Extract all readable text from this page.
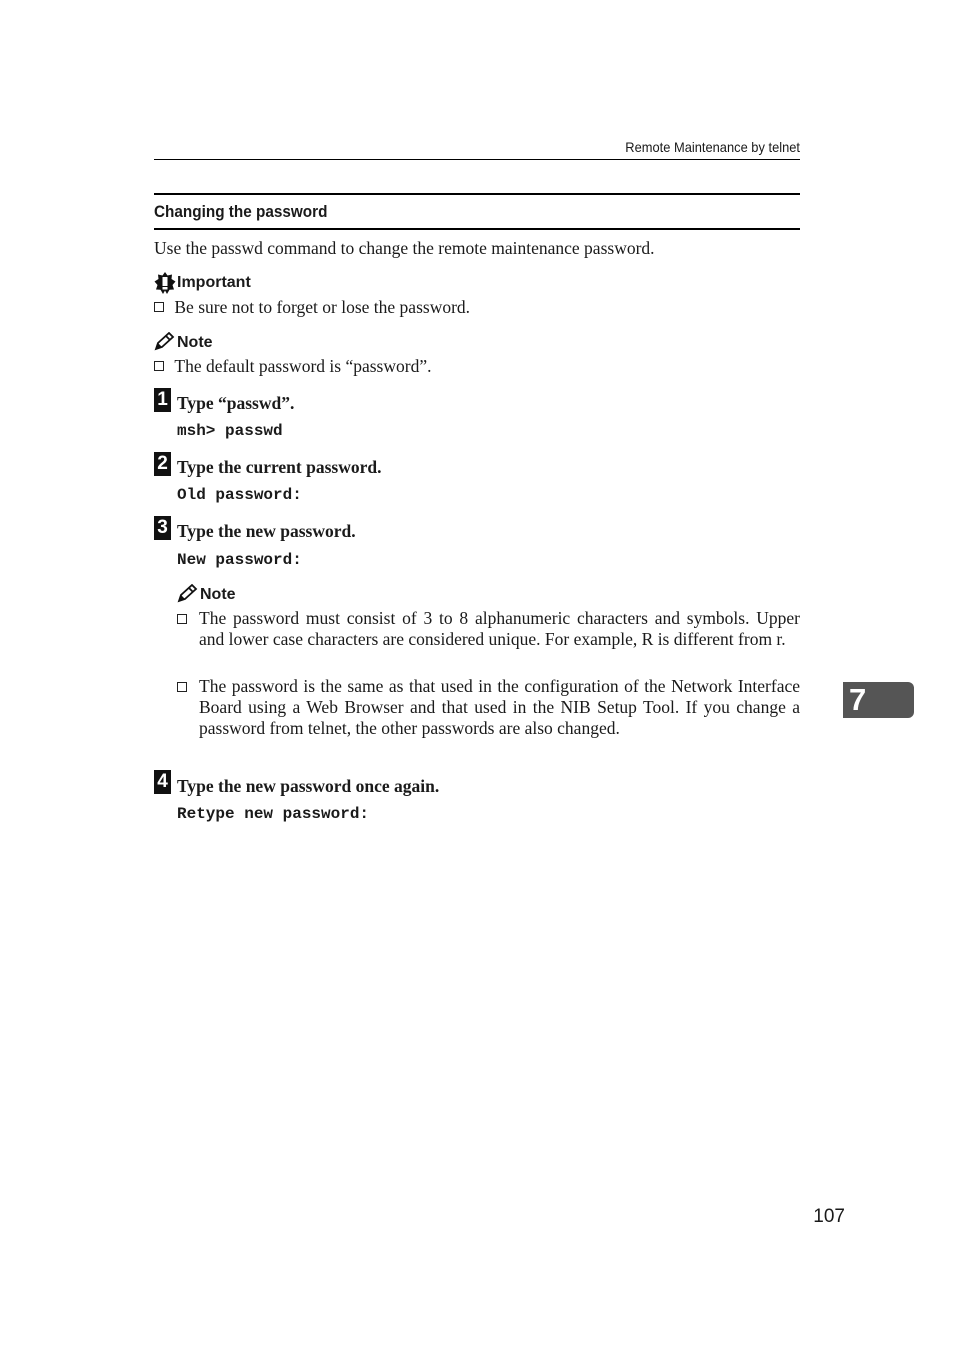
Remote Maintenance by telnet
Changing the password
Use the passwd command to change the remote maintenance password.
Important
Be sure not to forget or lose the password.
Note
The default password is “password”.
1 Type “passwd”.
msh> passwd
2 Type the current password.
Old password:
3 Type the new password.
New password:
Note
The password must consist of 3 to 8 alphanumeric characters and symbols. Upper and lower case characters are considered unique. For example, R is different from r.
The password is the same as that used in the configuration of the Network Interface Board using a Web Browser and that used in the NIB Setup Tool. If you change a password from telnet, the other passwords are also changed.
4 Type the new password once again.
Retype new password:
7
107
